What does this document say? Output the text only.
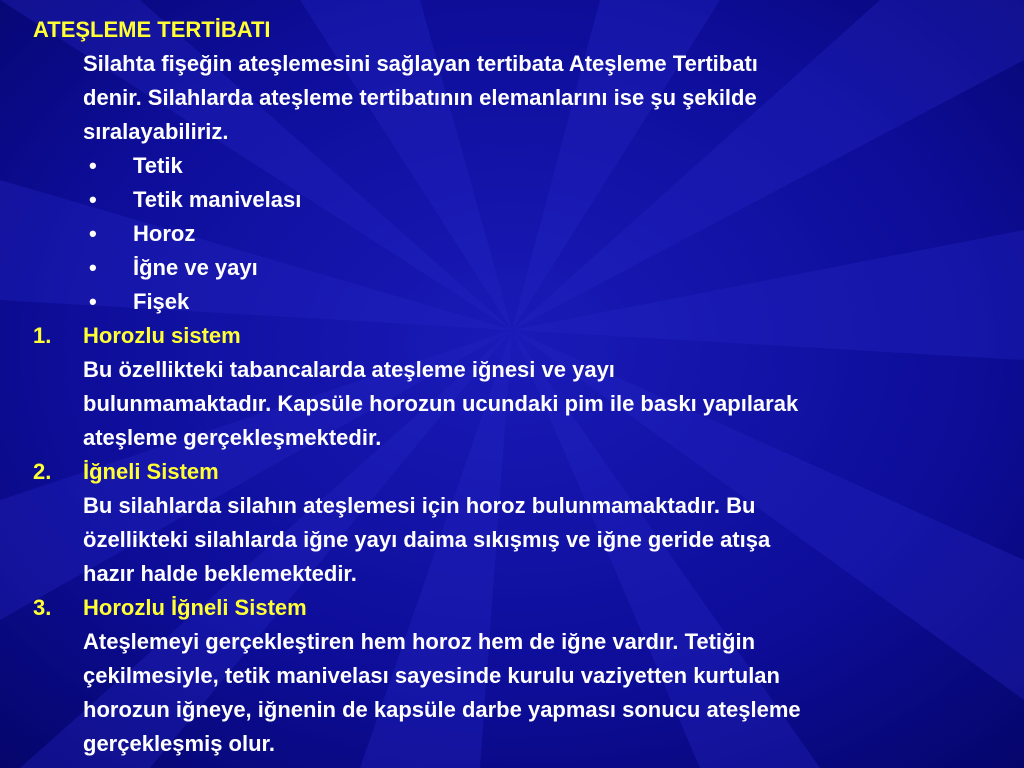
ATEŞLEME TERTİBATI
Silahta fişeğin ateşlemesini sağlayan tertibata Ateşleme Tertibatı
denir. Silahlarda ateşleme tertibatının elemanlarını ise şu şekilde
sıralayabiliriz.
• Tetik
• Tetik manivelası
• Horoz
• İğne ve yayı
• Fişek
1. Horozlu sistem
Bu özellikteki tabancalarda ateşleme iğnesi ve yayı
bulunmamaktadır. Kapsüle horozun ucundaki pim ile baskı yapılarak
ateşleme gerçekleşmektedir.
2. İğneli Sistem
Bu silahlarda silahın ateşlemesi için horoz bulunmamaktadır. Bu
özellikteki silahlarda iğne yayı daima sıkışmış ve iğne geride atışa
hazır halde beklemektedir.
3. Horozlu İğneli Sistem
Ateşlemeyi gerçekleştiren hem horoz hem de iğne vardır. Tetiğin
çekilmesiyle, tetik manivelası sayesinde kurulu vaziyetten kurtulan
horozun iğneye, iğnenin de kapsüle darbe yapması sonucu ateşleme
gerçekleşmiş olur.
